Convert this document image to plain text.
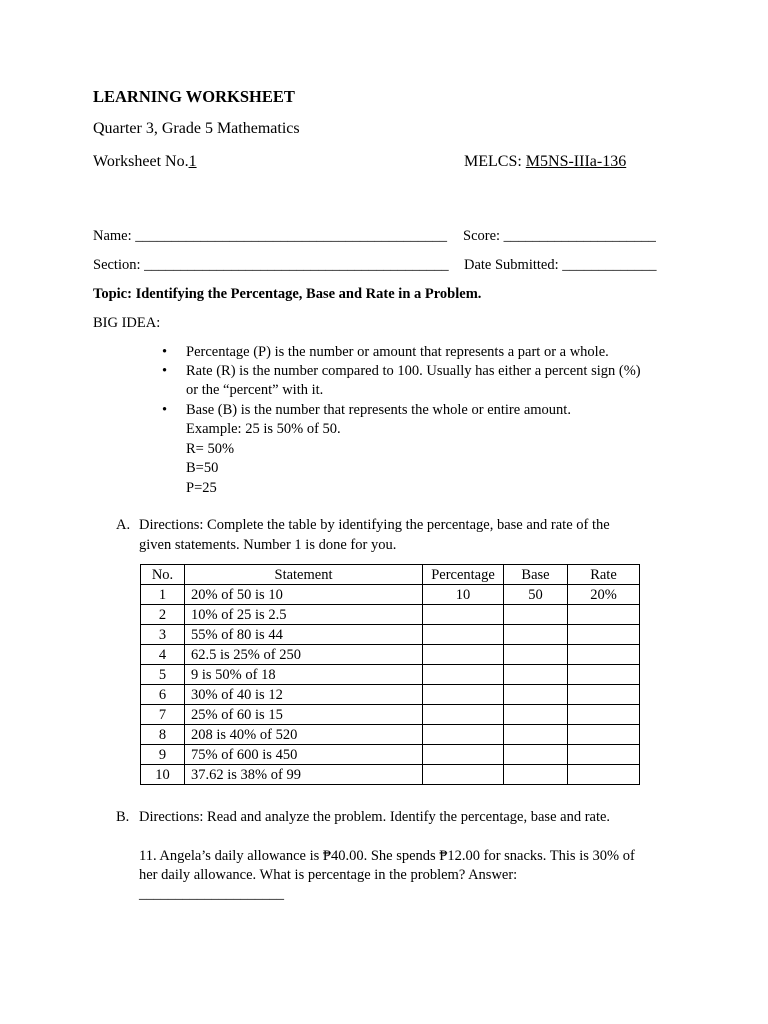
LEARNING WORKSHEET
Quarter 3, Grade 5 Mathematics
Worksheet No.1	MELCS: M5NS-IIIa-136
Name: ___________________________________________ Score: _____________________
Section: __________________________________________ Date Submitted: _____________
Topic: Identifying the Percentage, Base and Rate in a Problem.
BIG IDEA:
• Percentage (P) is the number or amount that represents a part or a whole.
• Rate (R) is the number compared to 100. Usually has either a percent sign (%)
or the “percent” with it.
• Base (B) is the number that represents the whole or entire amount.
Example: 25 is 50% of 50.
R= 50%
B=50
P=25
A. Directions: Complete the table by identifying the percentage, base and rate of the
given statements. Number 1 is done for you.
No.	Statement	Percentage	Base	Rate
1	20% of 50 is 10	10	50	20%
2	10% of 25 is 2.5			
3	55% of 80 is 44			
4	62.5 is 25% of 250			
5	9 is 50% of 18			
6	30% of 40 is 12			
7	25% of 60 is 15			
8	208 is 40% of 520			
9	75% of 600 is 450			
10	37.62 is 38% of 99			
B. Directions: Read and analyze the problem. Identify the percentage, base and rate.
11. Angela’s daily allowance is ₱40.00. She spends ₱12.00 for snacks. This is 30% of
her daily allowance. What is percentage in the problem? Answer:
____________________
